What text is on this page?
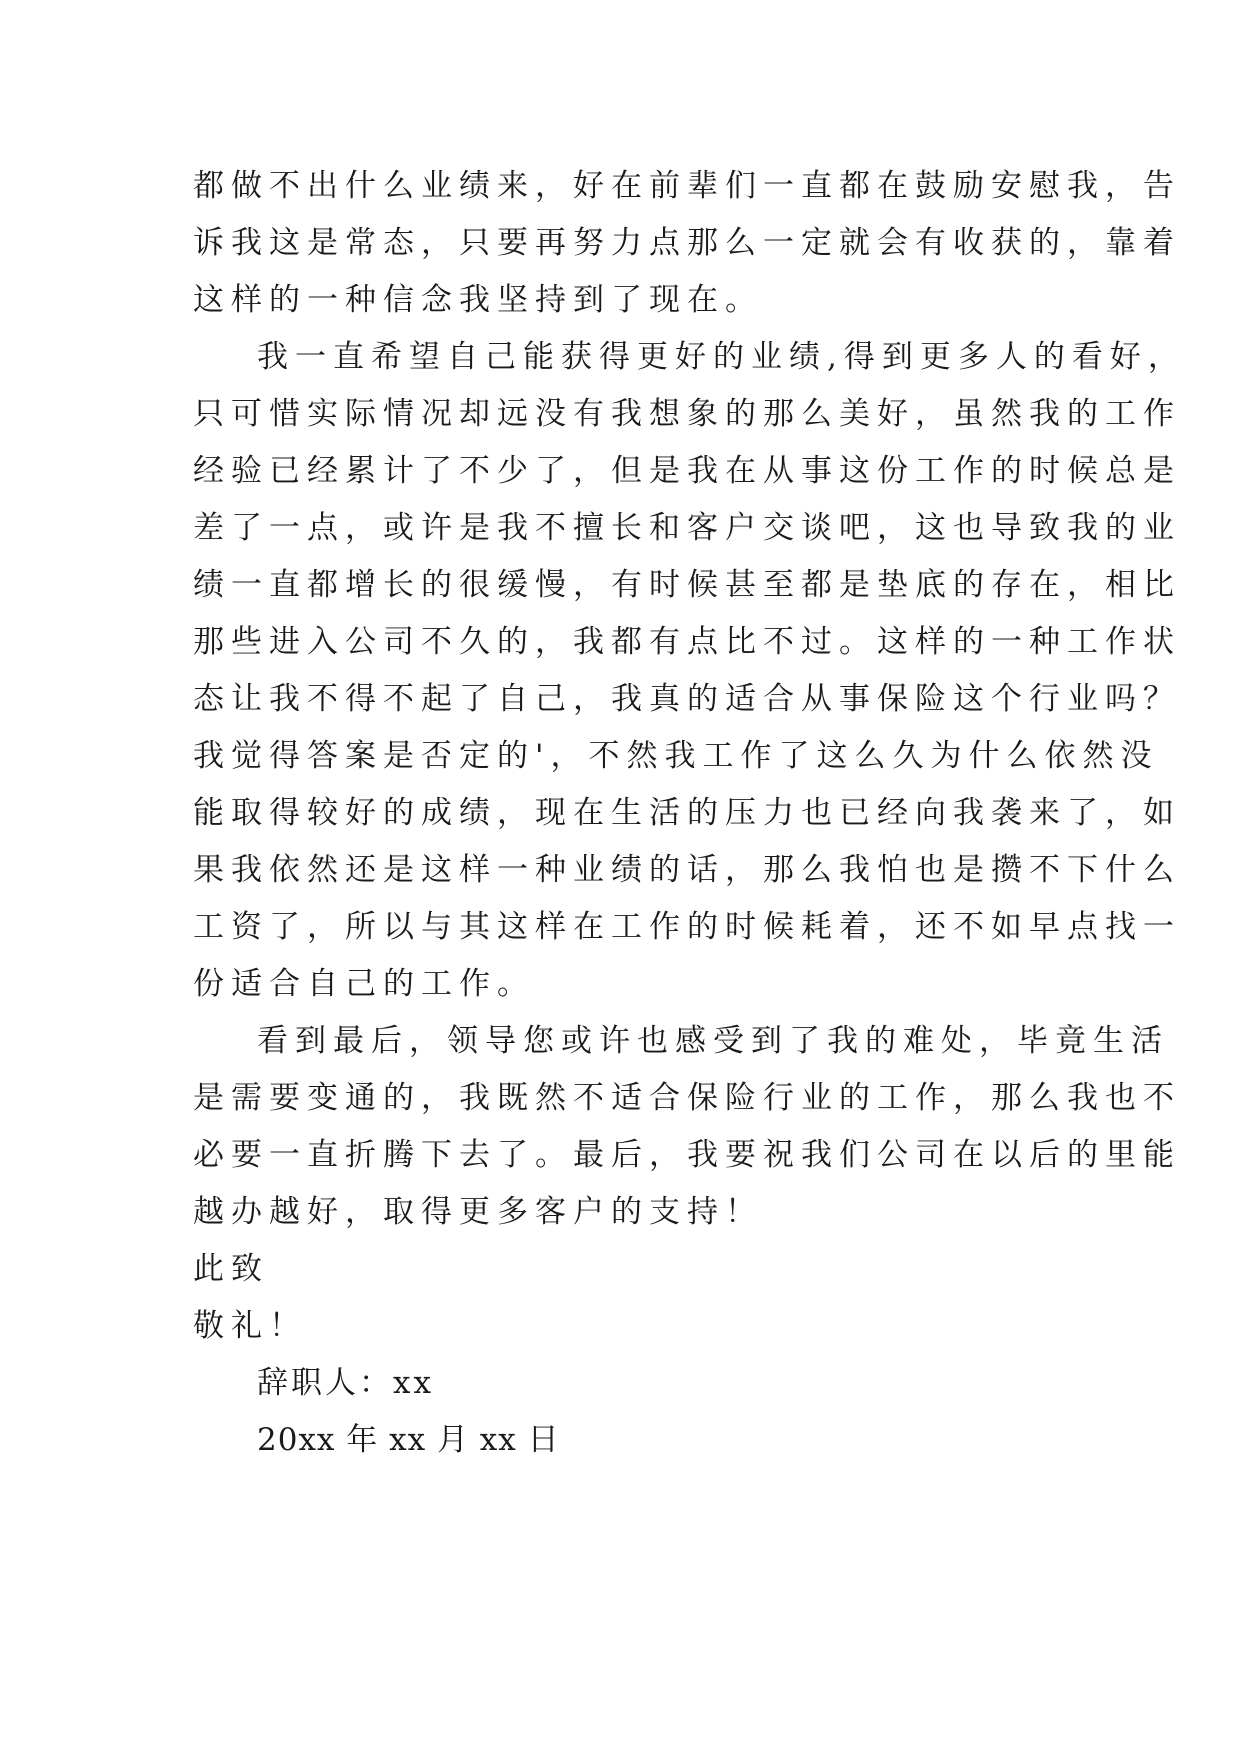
都做不出什么业绩来，好在前辈们一直都在鼓励安慰我，告
诉我这是常态，只要再努力点那么一定就会有收获的，靠着
这样的一种信念我坚持到了现在。
我一直希望自己能获得更好的业绩,得到更多人的看好，
只可惜实际情况却远没有我想象的那么美好，虽然我的工作
经验已经累计了不少了，但是我在从事这份工作的时候总是
差了一点，或许是我不擅长和客户交谈吧，这也导致我的业
绩一直都增长的很缓慢，有时候甚至都是垫底的存在，相比
那些进入公司不久的，我都有点比不过。这样的一种工作状
态让我不得不起了自己，我真的适合从事保险这个行业吗？
我觉得答案是否定的'，不然我工作了这么久为什么依然没
能取得较好的成绩，现在生活的压力也已经向我袭来了，如
果我依然还是这样一种业绩的话，那么我怕也是攒不下什么
工资了，所以与其这样在工作的时候耗着，还不如早点找一
份适合自己的工作。
看到最后，领导您或许也感受到了我的难处，毕竟生活
是需要变通的，我既然不适合保险行业的工作，那么我也不
必要一直折腾下去了。最后，我要祝我们公司在以后的里能
越办越好，取得更多客户的支持！
此致
敬礼！
辞职人：xx
20xx 年 xx 月 xx 日
